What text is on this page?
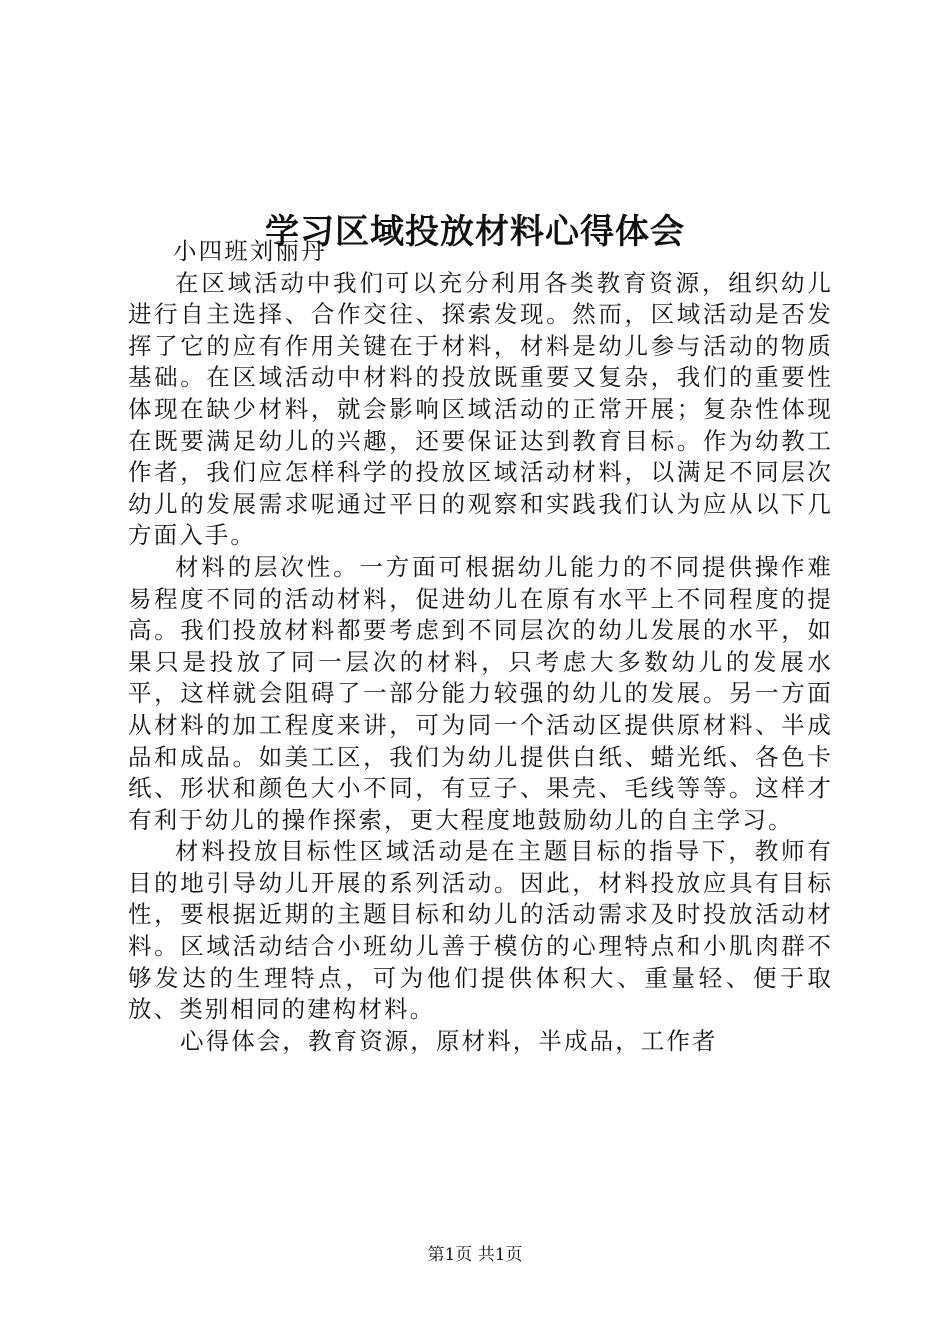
学习区域投放材料心得体会

小四班刘丽丹

在区域活动中我们可以充分利用各类教育资源，组织幼儿进行自主选择、合作交往、探索发现。然而，区域活动是否发挥了它的应有作用关键在于材料，材料是幼儿参与活动的物质基础。在区域活动中材料的投放既重要又复杂，我们的重要性体现在缺少材料，就会影响区域活动的正常开展；复杂性体现在既要满足幼儿的兴趣，还要保证达到教育目标。作为幼教工作者，我们应怎样科学的投放区域活动材料，以满足不同层次幼儿的发展需求呢通过平日的观察和实践我们认为应从以下几方面入手。

材料的层次性。一方面可根据幼儿能力的不同提供操作难易程度不同的活动材料，促进幼儿在原有水平上不同程度的提高。我们投放材料都要考虑到不同层次的幼儿发展的水平，如果只是投放了同一层次的材料，只考虑大多数幼儿的发展水平，这样就会阻碍了一部分能力较强的幼儿的发展。另一方面从材料的加工程度来讲，可为同一个活动区提供原材料、半成品和成品。如美工区，我们为幼儿提供白纸、蜡光纸、各色卡纸、形状和颜色大小不同，有豆子、果壳、毛线等等。这样才有利于幼儿的操作探索，更大程度地鼓励幼儿的自主学习。

材料投放目标性区域活动是在主题目标的指导下，教师有目的地引导幼儿开展的系列活动。因此，材料投放应具有目标性，要根据近期的主题目标和幼儿的活动需求及时投放活动材料。区域活动结合小班幼儿善于模仿的心理特点和小肌肉群不够发达的生理特点，可为他们提供体积大、重量轻、便于取放、类别相同的建构材料。

心得体会，教育资源，原材料，半成品，工作者

第1页 共1页
